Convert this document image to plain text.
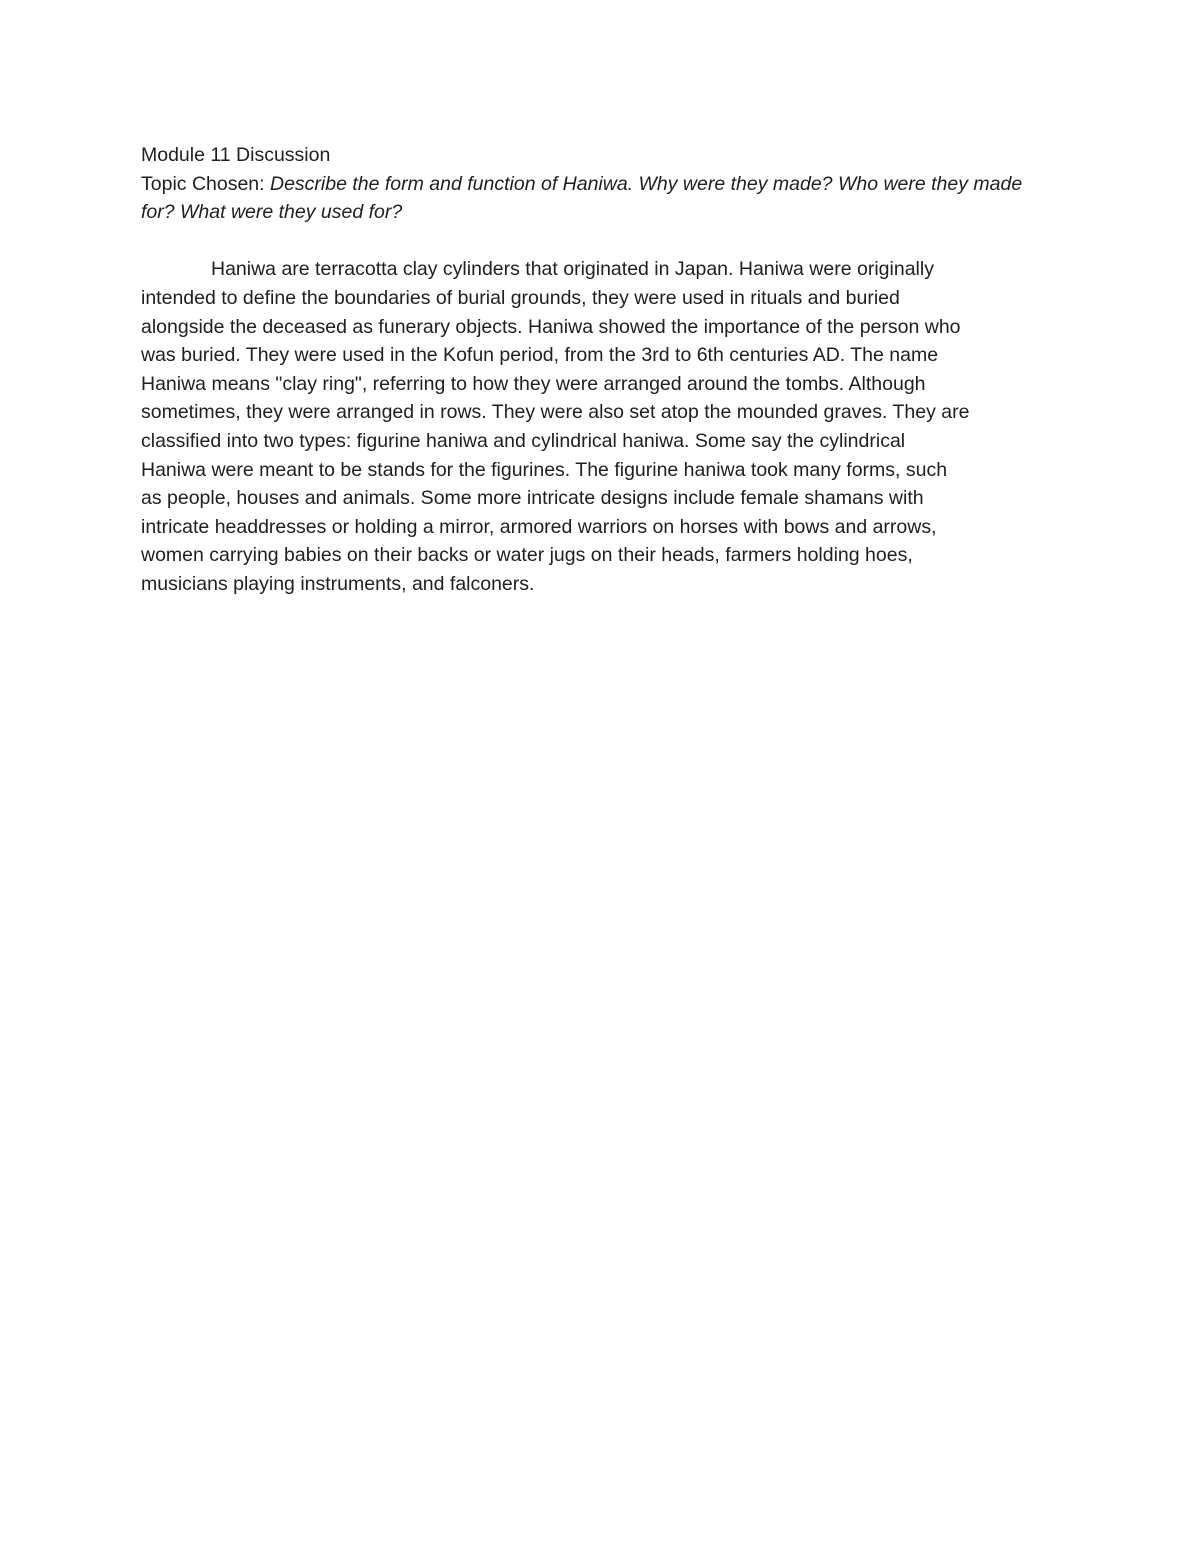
Module 11 Discussion

Topic Chosen: Describe the form and function of Haniwa. Why were they made? Who were they made for? What were they used for?

Haniwa are terracotta clay cylinders that originated in Japan. Haniwa were originally
intended to define the boundaries of burial grounds, they were used in rituals and buried
alongside the deceased as funerary objects. Haniwa showed the importance of the person who
was buried. They were used in the Kofun period, from the 3rd to 6th centuries AD. The name
Haniwa means "clay ring", referring to how they were arranged around the tombs. Although
sometimes, they were arranged in rows. They were also set atop the mounded graves. They are
classified into two types: figurine haniwa and cylindrical haniwa. Some say the cylindrical
Haniwa were meant to be stands for the figurines. The figurine haniwa took many forms, such
as people, houses and animals. Some more intricate designs include female shamans with
intricate headdresses or holding a mirror, armored warriors on horses with bows and arrows,
women carrying babies on their backs or water jugs on their heads, farmers holding hoes,
musicians playing instruments, and falconers.
